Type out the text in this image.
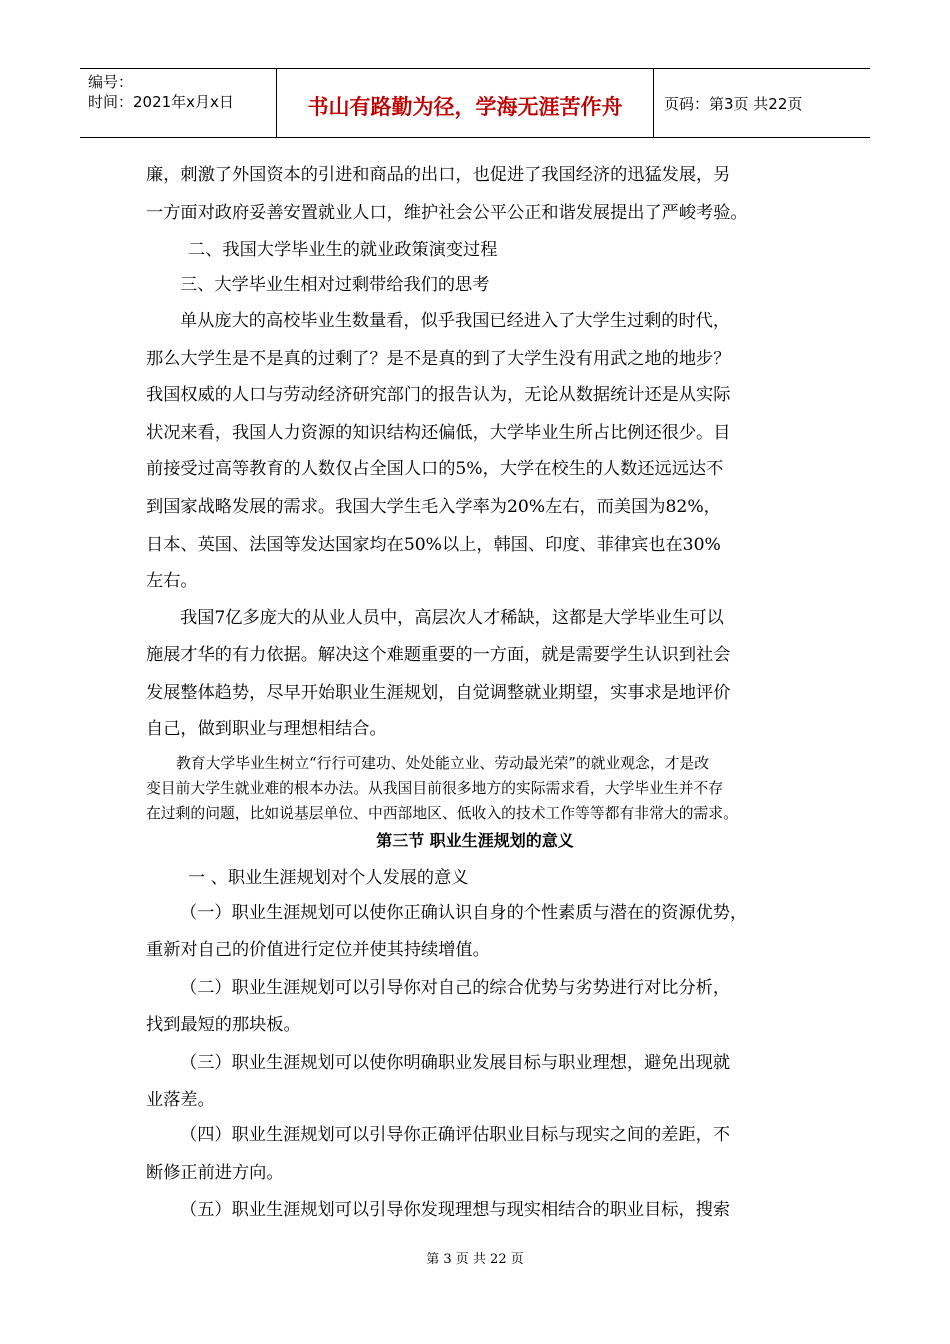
编号：
时间：2021年x月x日	书山有路勤为径，学海无涯苦作舟	页码：第3页 共22页
廉，刺激了外国资本的引进和商品的出口，也促进了我国经济的迅猛发展，另
一方面对政府妥善安置就业人口，维护社会公平公正和谐发展提出了严峻考验。
二、我国大学毕业生的就业政策演变过程
三、大学毕业生相对过剩带给我们的思考
单从庞大的高校毕业生数量看，似乎我国已经进入了大学生过剩的时代，
那么大学生是不是真的过剩了？是不是真的到了大学生没有用武之地的地步？
我国权威的人口与劳动经济研究部门的报告认为，无论从数据统计还是从实际
状况来看，我国人力资源的知识结构还偏低，大学毕业生所占比例还很少。目
前接受过高等教育的人数仅占全国人口的5%，大学在校生的人数还远远达不
到国家战略发展的需求。我国大学生毛入学率为20%左右，而美国为82%，
日本、英国、法国等发达国家均在50%以上，韩国、印度、菲律宾也在30%
左右。
我国7亿多庞大的从业人员中，高层次人才稀缺，这都是大学毕业生可以
施展才华的有力依据。解决这个难题重要的一方面，就是需要学生认识到社会
发展整体趋势，尽早开始职业生涯规划，自觉调整就业期望，实事求是地评价
自己，做到职业与理想相结合。
教育大学毕业生树立“行行可建功、处处能立业、劳动最光荣”的就业观念，才是改
变目前大学生就业难的根本办法。从我国目前很多地方的实际需求看，大学毕业生并不存
在过剩的问题，比如说基层单位、中西部地区、低收入的技术工作等等都有非常大的需求。
第三节 职业生涯规划的意义
一 、职业生涯规划对个人发展的意义
（一）职业生涯规划可以使你正确认识自身的个性素质与潜在的资源优势，
重新对自己的价值进行定位并使其持续增值。
（二）职业生涯规划可以引导你对自己的综合优势与劣势进行对比分析，
找到最短的那块板。
（三）职业生涯规划可以使你明确职业发展目标与职业理想，避免出现就
业落差。
（四）职业生涯规划可以引导你正确评估职业目标与现实之间的差距，不
断修正前进方向。
（五）职业生涯规划可以引导你发现理想与现实相结合的职业目标，搜索
第 3 页 共 22 页
